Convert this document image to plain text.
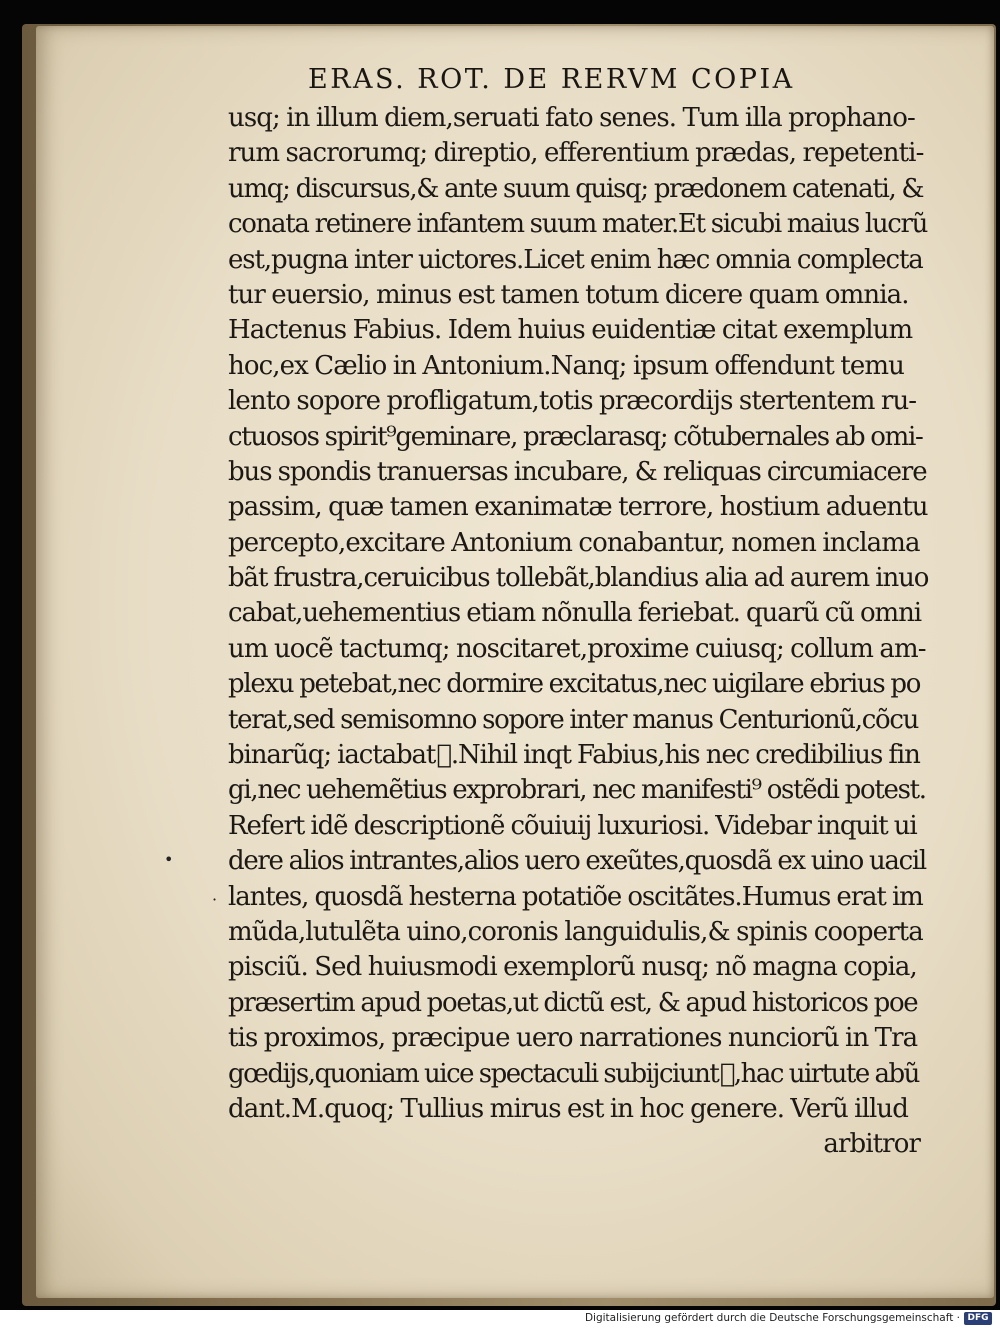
ERAS. ROT. DE RERVM COPIA
usq; in illum diem,seruati fato senes. Tum illa prophano-
rum sacrorumq; direptio, efferentium prædas, repetenti-
umq; discursus,& ante suum quisq; prædonem catenati, &
conata retinere infantem suum mater.Et sicubi maius lucrũ
est,pugna inter uictores.Licet enim hæc omnia complecta
tur euersio, minus est tamen totum dicere quam omnia.
Hactenus Fabius. Idem huius euidentiæ citat exemplum
hoc,ex Cælio in Antonium.Nanq; ipsum offendunt temu
lento sopore profligatum,totis præcordijs stertentem ru-
ctuosos spirit⁹geminare, præclarasq; cõtubernales ab omi-
bus spondis tranuersas incubare, & reliquas circumiacere
passim, quæ tamen exanimatæ terrore, hostium aduentu
percepto,excitare Antonium conabantur, nomen inclama
bãt frustra,ceruicibus tollebãt,blandius alia ad aurem inuo
cabat,uehementius etiam nõnulla feriebat. quarũ cũ omni
um uocẽ tactumq; noscitaret,proxime cuiusq; collum am-
plexu petebat,nec dormire excitatus,nec uigilare ebrius po
terat,sed semisomno sopore inter manus Centurionũ,cõcu
binarũq; iactabatᷣ.Nihil inqt Fabius,his nec credibilius fin
gi,nec uehemẽtius exprobrari, nec manifesti⁹ ostẽdi potest.
Refert idẽ descriptionẽ cõuiuij luxuriosi. Videbar inquit ui
dere alios intrantes,alios uero exeũtes,quosdã ex uino uacil
lantes, quosdã hesterna potatiõe oscitãtes.Humus erat im
mũda,lutulẽta uino,coronis languidulis,& spinis cooperta
pisciũ. Sed huiusmodi exemplorũ nusq; nõ magna copia,
præsertim apud poetas,ut dictũ est, & apud historicos poe
tis proximos, præcipue uero narrationes nunciorũ in Tra
gœdijs,quoniam uice spectaculi subijciuntᷣ,hac uirtute abũ
dant.M.quoq; Tullius mirus est in hoc genere. Verũ illud
arbitror
•
·
Digitalisierung gefördert durch die Deutsche Forschungsgemeinschaft · DFG
